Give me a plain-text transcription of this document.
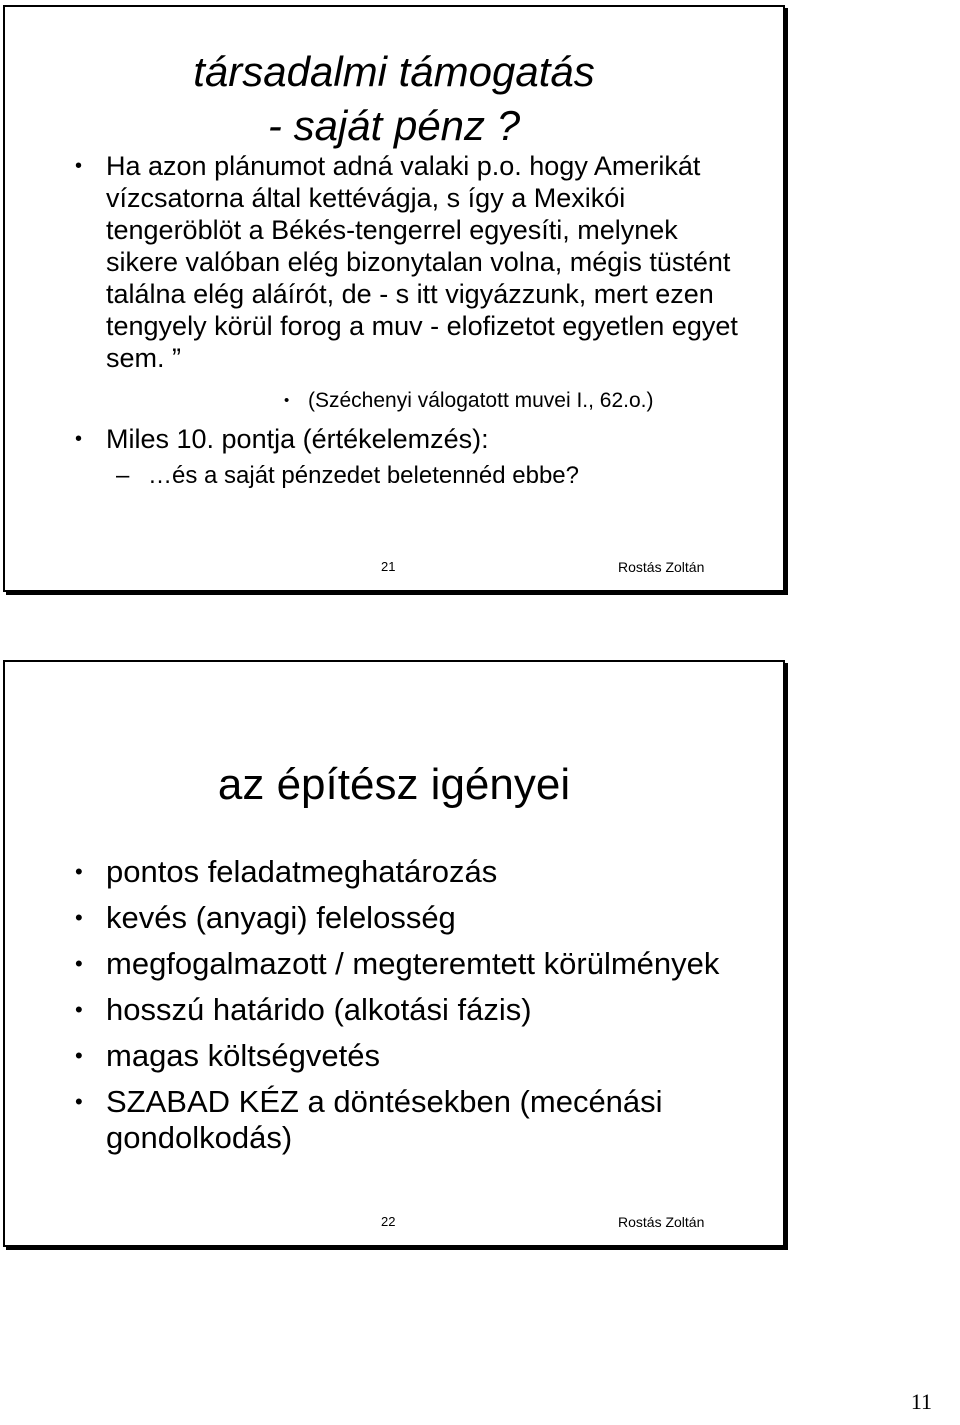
társadalmi támogatás
- saját pénz ?
• Ha azon plánumot adná valaki p.o. hogy Amerikát vízcsatorna által kettévágja, s így a Mexikói tengeröblöt a Békés-tengerrel egyesíti, melynek sikere valóban elég bizonytalan volna, mégis tüstént találna elég aláírót, de - s itt vigyázzunk, mert ezen tengyely körül forog a muv - elofizetot egyetlen egyet sem. ”
• (Széchenyi válogatott muvei I., 62.o.)
• Miles 10. pontja (értékelemzés):
– …és a saját pénzedet beletennéd ebbe?
21	Rostás Zoltán
az építész igényei
• pontos feladatmeghatározás
• kevés (anyagi) felelosség
• megfogalmazott / megteremtett körülmények
• hosszú határido (alkotási fázis)
• magas költségvetés
• SZABAD KÉZ a döntésekben (mecénási gondolkodás)
22	Rostás Zoltán
11
